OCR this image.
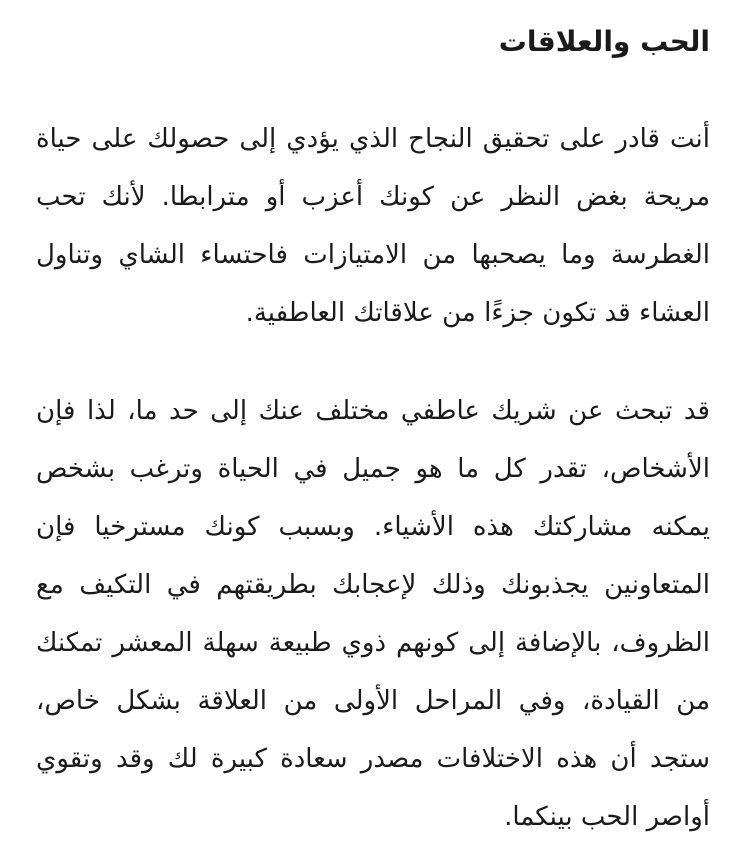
الحب والعلاقات

أنت قادر على تحقيق النجاح الذي يؤدي إلى حصولك على حياة مريحة بغض النظر عن كونك أعزب أو مترابطا. لأنك تحب الغطرسة وما يصحبها من الامتيازات فاحتساء الشاي وتناول العشاء قد تكون جزءًا من علاقاتك العاطفية.

قد تبحث عن شريك عاطفي مختلف عنك إلى حد ما، لذا فإن الأشخاص، تقدر كل ما هو جميل في الحياة وترغب بشخص يمكنه مشاركتك هذه الأشياء. وبسبب كونك مسترخيا فإن المتعاونين يجذبونك وذلك لإعجابك بطريقتهم في التكيف مع الظروف، بالإضافة إلى كونهم ذوي طبيعة سهلة المعشر تمكنك من القيادة، وفي المراحل الأولى من العلاقة بشكل خاص، ستجد أن هذه الاختلافات مصدر سعادة كبيرة لك وقد وتقوي أواصر الحب بينكما.
